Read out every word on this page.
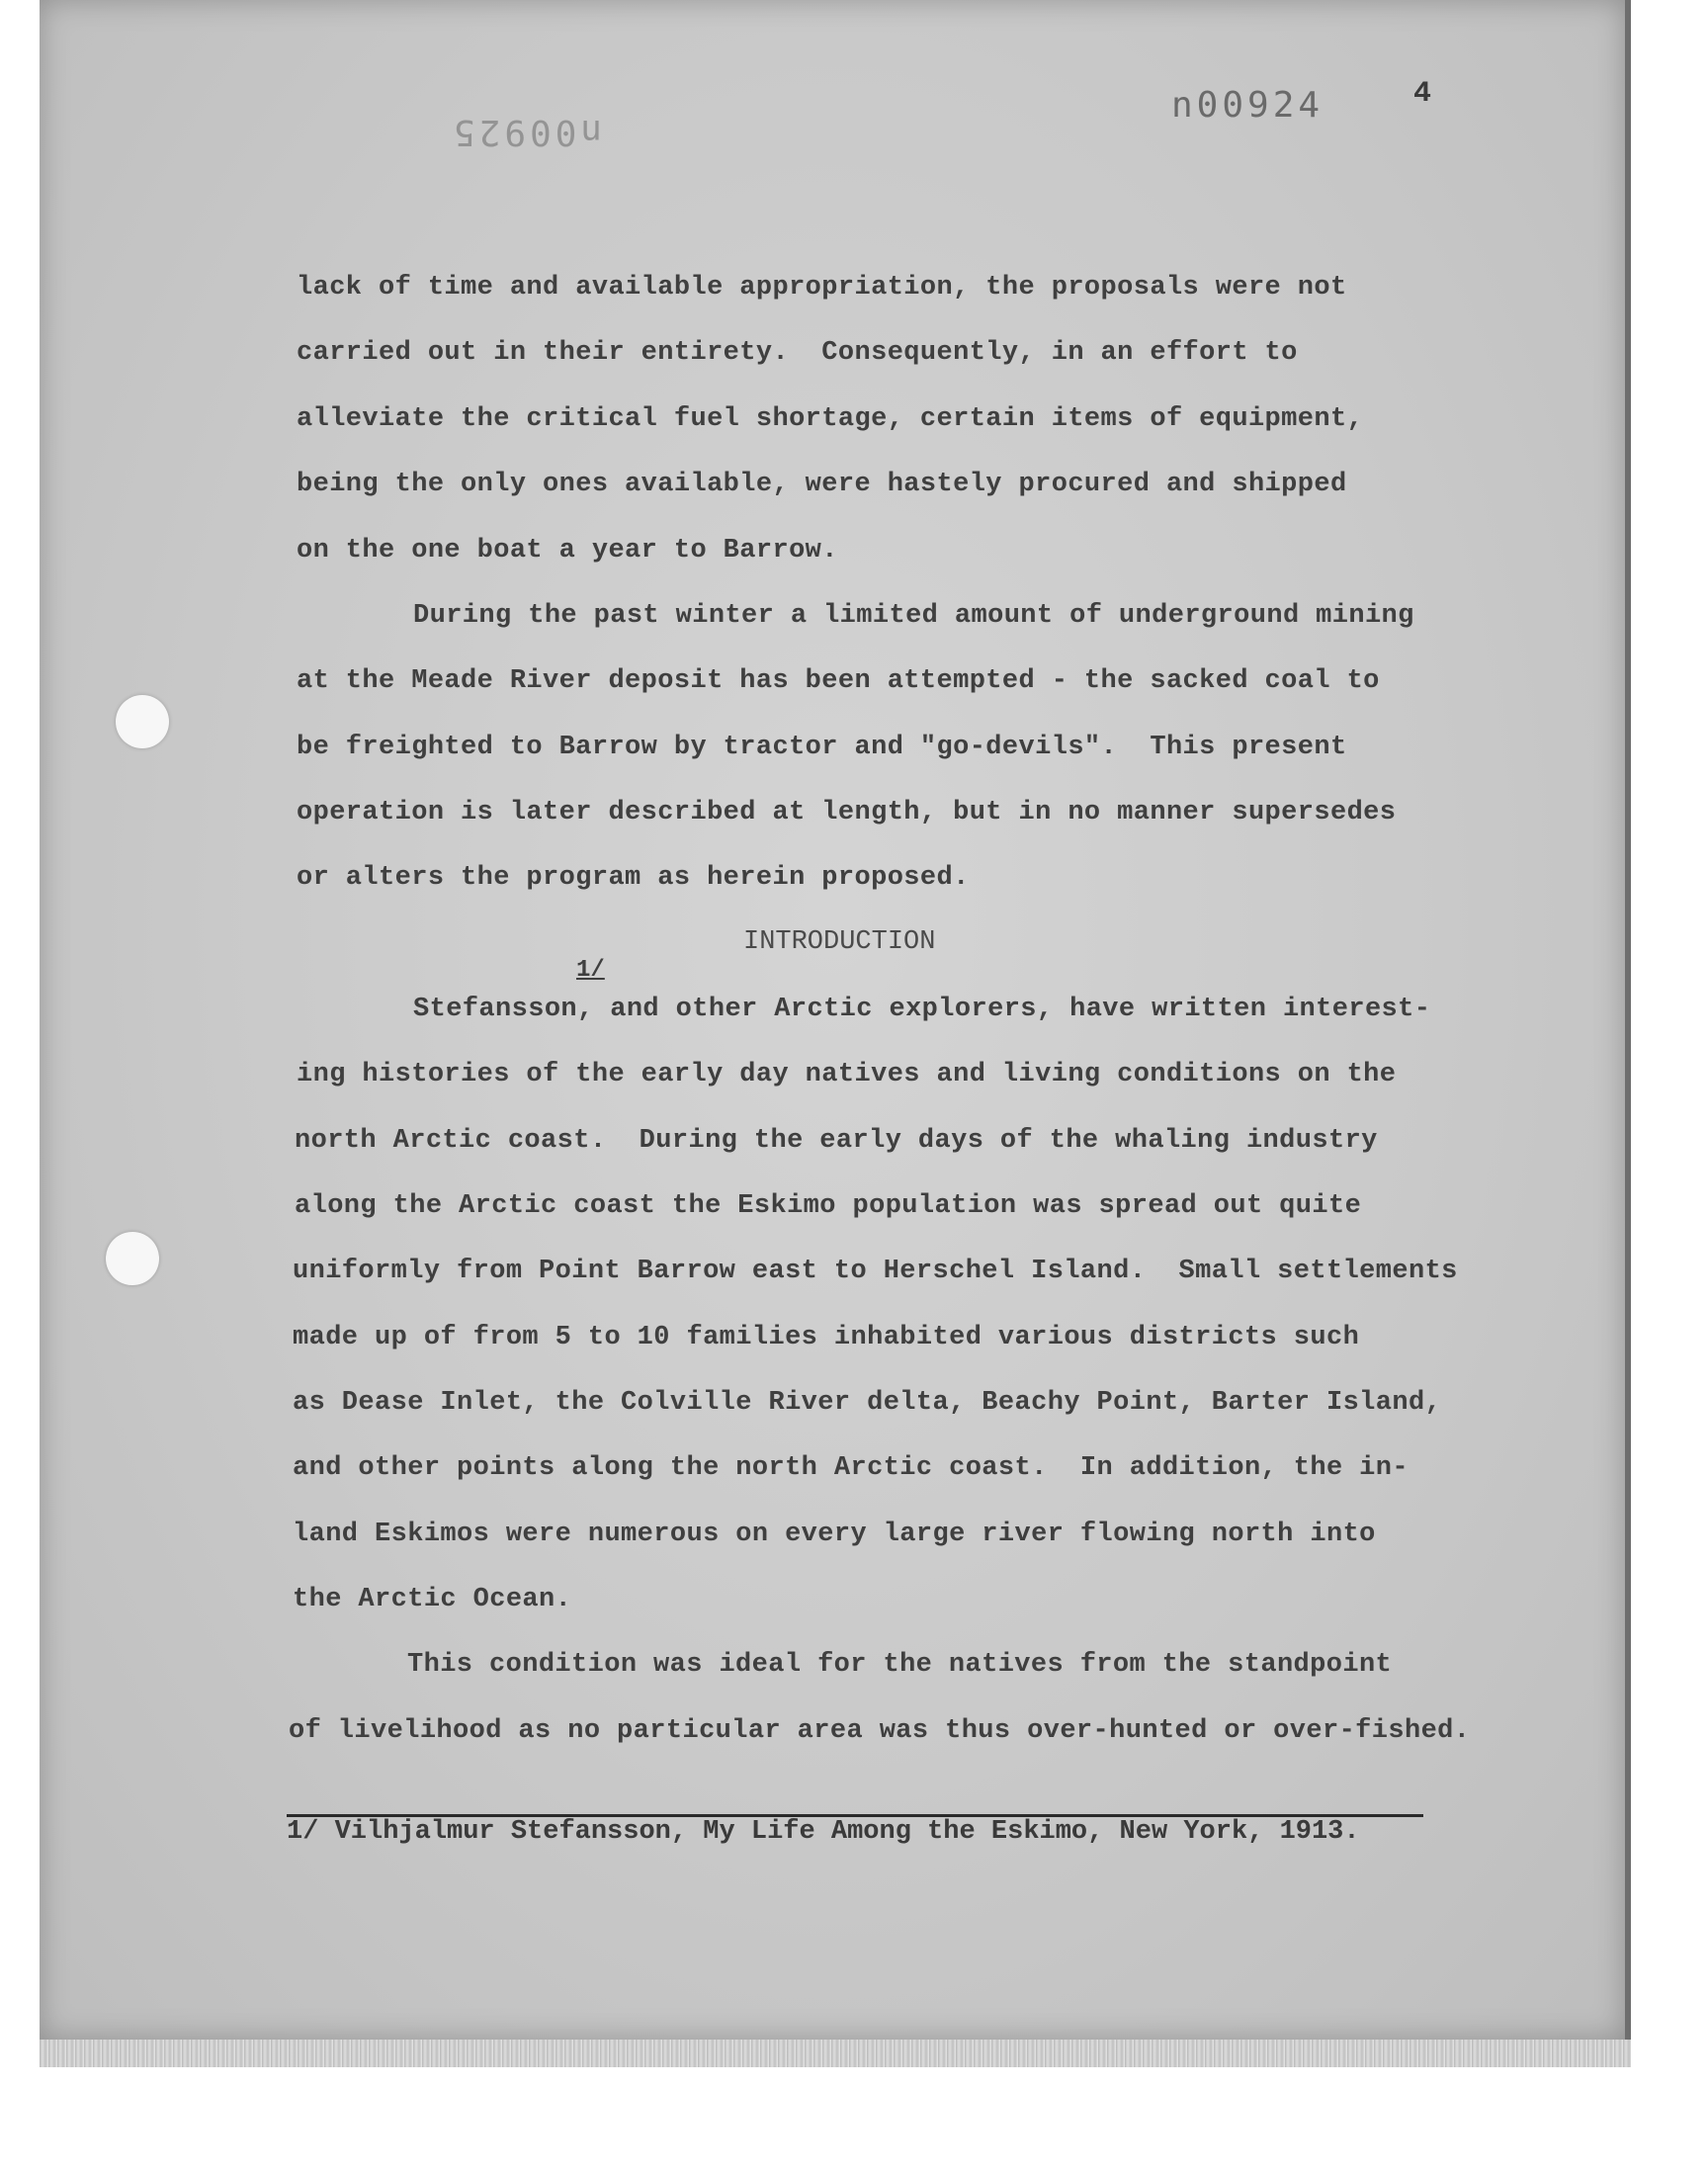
n00925
n00924	4
lack of time and available appropriation, the proposals were not
carried out in their entirety.  Consequently, in an effort to
alleviate the critical fuel shortage, certain items of equipment,
being the only ones available, were hastely procured and shipped
on the one boat a year to Barrow.
During the past winter a limited amount of underground mining
at the Meade River deposit has been attempted - the sacked coal to
be freighted to Barrow by tractor and "go-devils".  This present
operation is later described at length, but in no manner supersedes
or alters the program as herein proposed.
INTRODUCTION
1/
Stefansson, and other Arctic explorers, have written interest-
ing histories of the early day natives and living conditions on the
north Arctic coast.  During the early days of the whaling industry
along the Arctic coast the Eskimo population was spread out quite
uniformly from Point Barrow east to Herschel Island.  Small settlements
made up of from 5 to 10 families inhabited various districts such
as Dease Inlet, the Colville River delta, Beachy Point, Barter Island,
and other points along the north Arctic coast.  In addition, the in-
land Eskimos were numerous on every large river flowing north into
the Arctic Ocean.
This condition was ideal for the natives from the standpoint
of livelihood as no particular area was thus over-hunted or over-fished.
1/ Vilhjalmur Stefansson, My Life Among the Eskimo, New York, 1913.
